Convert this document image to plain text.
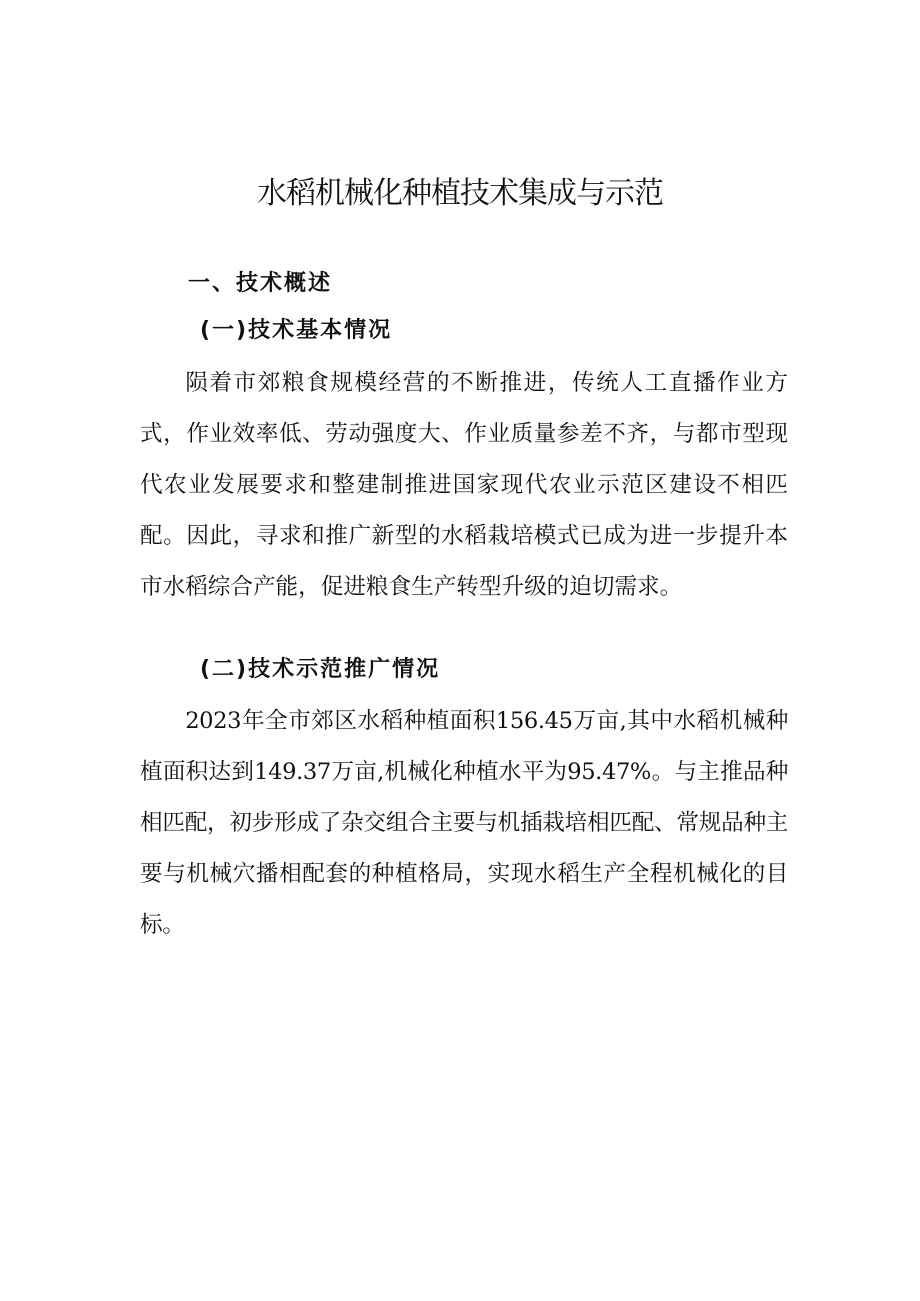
水稻机械化种植技术集成与示范
一、技术概述
(一)技术基本情况

陨着市郊粮食规模经营的不断推进，传统人工直播作业方式，作业效率低、劳动强度大、作业质量参差不齐，与都市型现代农业发展要求和整建制推进国家现代农业示范区建设不相匹配。因此，寻求和推广新型的水稻栽培模式已成为进一步提升本市水稻综合产能，促进粮食生产转型升级的迫切需求。

(二)技术示范推广情况

2023年全市郊区水稻种植面积156.45万亩,其中水稻机械种植面积达到149.37万亩,机械化种植水平为95.47%。与主推品种相匹配，初步形成了杂交组合主要与机插栽培相匹配、常规品种主要与机械穴播相配套的种植格局，实现水稻生产全程机械化的目标。
